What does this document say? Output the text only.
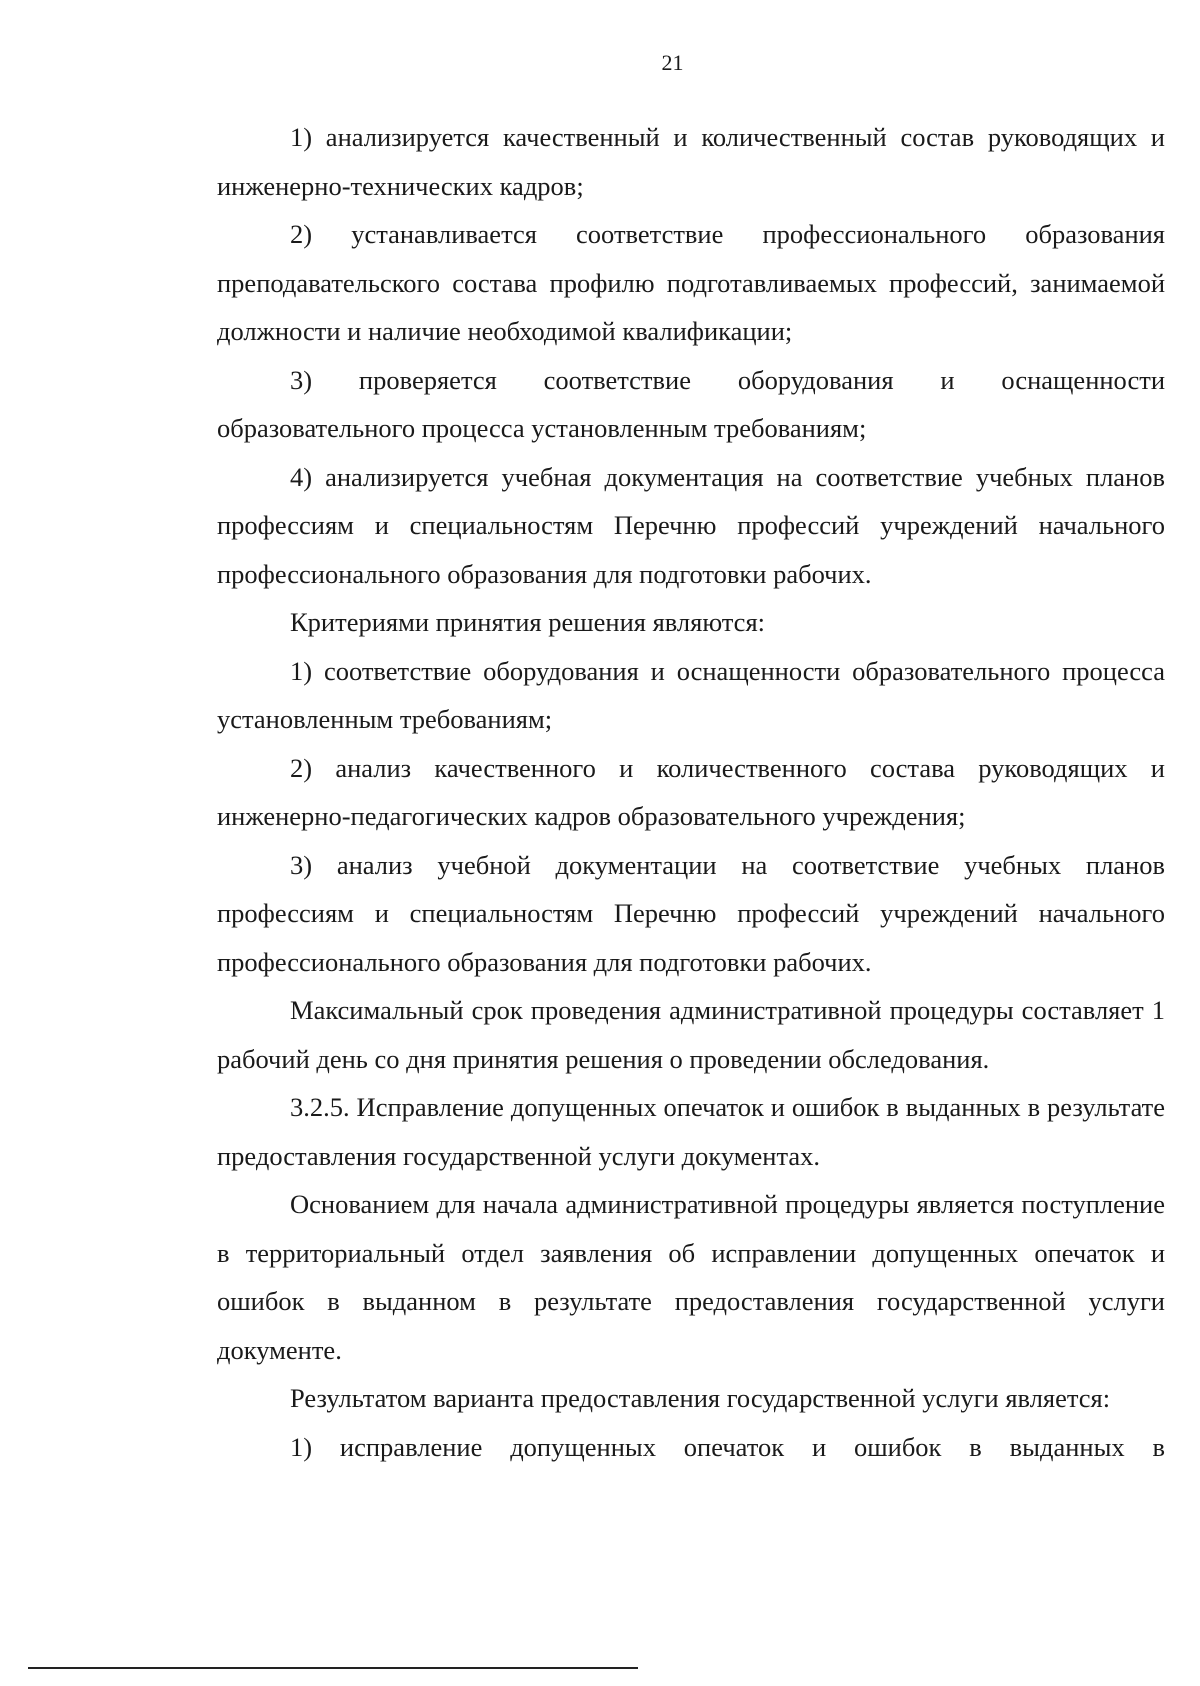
21

1) анализируется качественный и количественный состав руководящих и инженерно-технических кадров;

2) устанавливается соответствие профессионального образования преподавательского состава профилю подготавливаемых профессий, занимаемой должности и наличие необходимой квалификации;

3) проверяется соответствие оборудования и оснащенности образовательного процесса установленным требованиям;

4) анализируется учебная документация на соответствие учебных планов профессиям и специальностям Перечню профессий учреждений начального профессионального образования для подготовки рабочих.

Критериями принятия решения являются:

1) соответствие оборудования и оснащенности образовательного процесса установленным требованиям;

2) анализ качественного и количественного состава руководящих и инженерно-педагогических кадров образовательного учреждения;

3) анализ учебной документации на соответствие учебных планов профессиям и специальностям Перечню профессий учреждений начального профессионального образования для подготовки рабочих.

Максимальный срок проведения административной процедуры составляет 1 рабочий день со дня принятия решения о проведении обследования.

3.2.5. Исправление допущенных опечаток и ошибок в выданных в результате предоставления государственной услуги документах.

Основанием для начала административной процедуры является поступление в территориальный отдел заявления об исправлении допущенных опечаток и ошибок в выданном в результате предоставления государственной услуги документе.

Результатом варианта предоставления государственной услуги является:

1) исправление допущенных опечаток и ошибок в выданных в
